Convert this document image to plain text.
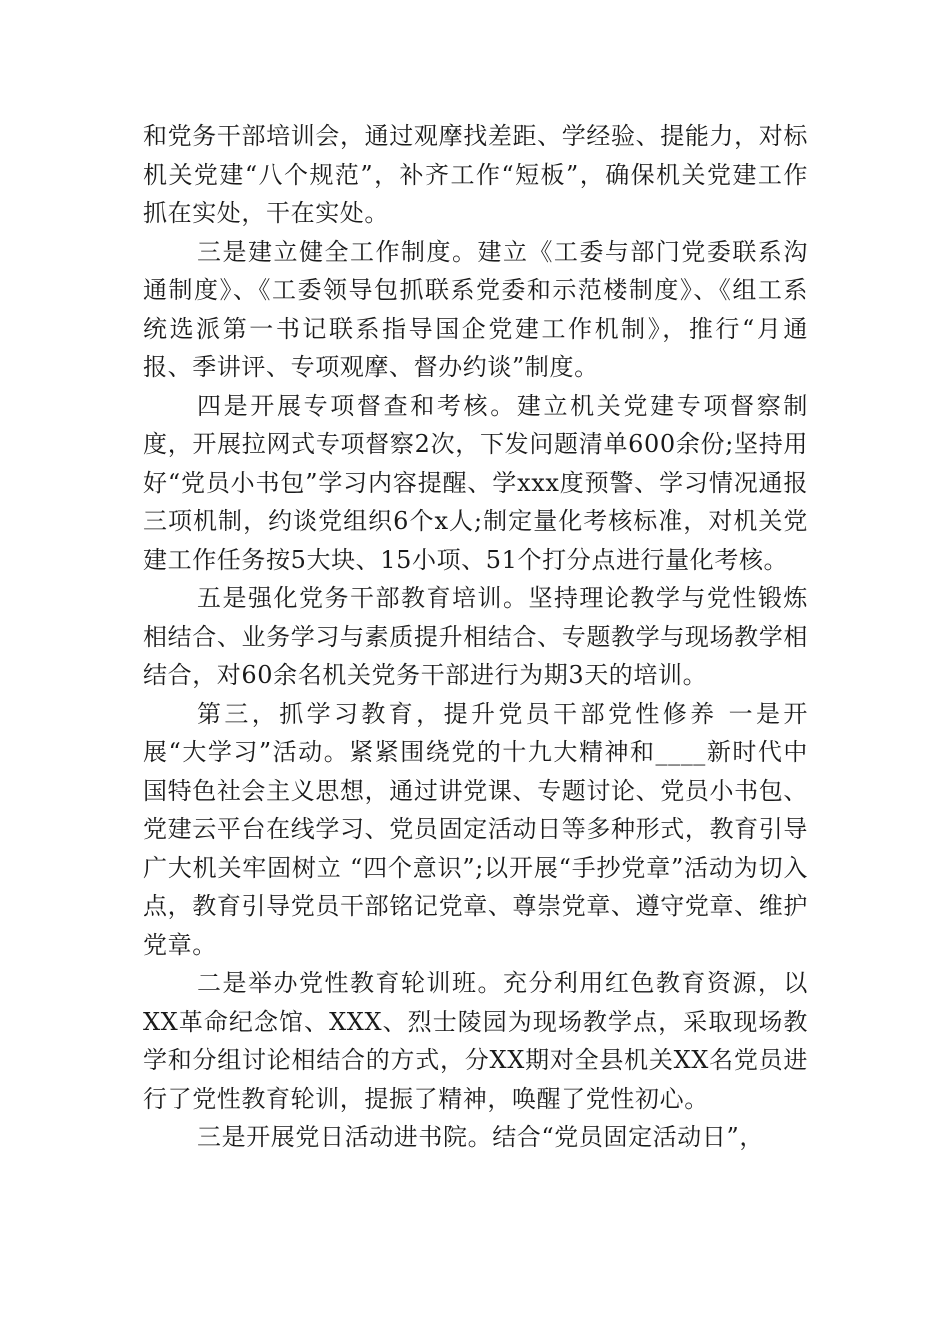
和党务干部培训会，通过观摩找差距、学经验、提能力，对标机关党建“八个规范”，补齐工作“短板”，确保机关党建工作抓在实处，干在实处。

三是建立健全工作制度。建立《工委与部门党委联系沟通制度》、《工委领导包抓联系党委和示范楼制度》、《组工系统选派第一书记联系指导国企党建工作机制》，推行“月通报、季讲评、专项观摩、督办约谈”制度。

四是开展专项督查和考核。建立机关党建专项督察制度，开展拉网式专项督察2次，下发问题清单600余份;坚持用好“党员小书包”学习内容提醒、学xxx度预警、学习情况通报三项机制，约谈党组织6个x人;制定量化考核标准，对机关党建工作任务按5大块、15小项、51个打分点进行量化考核。

五是强化党务干部教育培训。坚持理论教学与党性锻炼相结合、业务学习与素质提升相结合、专题教学与现场教学相结合，对60余名机关党务干部进行为期3天的培训。

第三，抓学习教育，提升党员干部党性修养 一是开展“大学习”活动。紧紧围绕党的十九大精神和____新时代中国特色社会主义思想，通过讲党课、专题讨论、党员小书包、党建云平台在线学习、党员固定活动日等多种形式，教育引导广大机关牢固树立 “四个意识”;以开展“手抄党章”活动为切入点，教育引导党员干部铭记党章、尊崇党章、遵守党章、维护党章。

二是举办党性教育轮训班。充分利用红色教育资源，以XX革命纪念馆、XXX、烈士陵园为现场教学点，采取现场教学和分组讨论相结合的方式，分XX期对全县机关XX名党员进行了党性教育轮训，提振了精神，唤醒了党性初心。

三是开展党日活动进书院。结合“党员固定活动日”，
